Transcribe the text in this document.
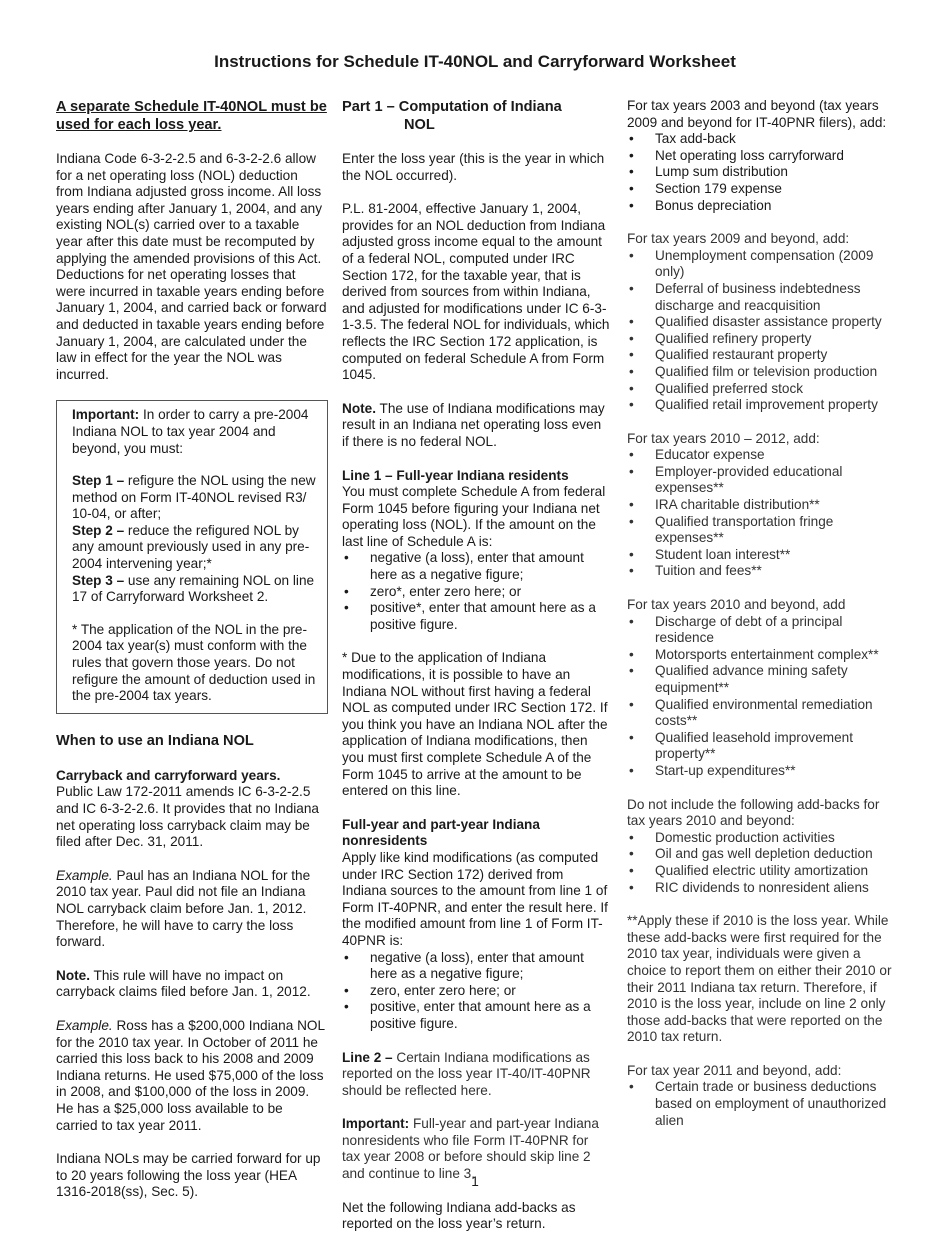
Instructions for Schedule IT-40NOL and Carryforward Worksheet
A separate Schedule IT-40NOL must be used for each loss year.

Indiana Code 6-3-2-2.5 and 6-3-2-2.6 allow for a net operating loss (NOL) deduction from Indiana adjusted gross income. All loss years ending after January 1, 2004, and any existing NOL(s) carried over to a taxable year after this date must be recomputed by applying the amended provisions of this Act. Deductions for net operating losses that were incurred in taxable years ending before January 1, 2004, and carried back or forward and deducted in taxable years ending before January 1, 2004, are calculated under the law in effect for the year the NOL was incurred.

Important: In order to carry a pre-2004 Indiana NOL to tax year 2004 and beyond, you must:

Step 1 – refigure the NOL using the new method on Form IT-40NOL revised R3/ 10-04, or after;
Step 2 – reduce the refigured NOL by any amount previously used in any pre-2004 intervening year;*
Step 3 – use any remaining NOL on line 17 of Carryforward Worksheet 2.

* The application of the NOL in the pre-2004 tax year(s) must conform with the rules that govern those years. Do not refigure the amount of deduction used in the pre-2004 tax years.

When to use an Indiana NOL

Carryback and carryforward years.
Public Law 172-2011 amends IC 6-3-2-2.5 and IC 6-3-2-2.6. It provides that no Indiana net operating loss carryback claim may be filed after Dec. 31, 2011.

Example. Paul has an Indiana NOL for the 2010 tax year. Paul did not file an Indiana NOL carryback claim before Jan. 1, 2012. Therefore, he will have to carry the loss forward.

Note. This rule will have no impact on carryback claims filed before Jan. 1, 2012.

Example. Ross has a $200,000 Indiana NOL for the 2010 tax year. In October of 2011 he carried this loss back to his 2008 and 2009 Indiana returns. He used $75,000 of the loss in 2008, and $100,000 of the loss in 2009. He has a $25,000 loss available to be carried to tax year 2011.

Indiana NOLs may be carried forward for up to 20 years following the loss year (HEA 1316-2018(ss), Sec. 5).

Part 1 – Computation of Indiana
NOL

Enter the loss year (this is the year in which the NOL occurred).

P.L. 81-2004, effective January 1, 2004, provides for an NOL deduction from Indiana adjusted gross income equal to the amount of a federal NOL, computed under IRC Section 172, for the taxable year, that is derived from sources from within Indiana, and adjusted for modifications under IC 6-3-1-3.5. The federal NOL for individuals, which reflects the IRC Section 172 application, is computed on federal Schedule A from Form 1045.

Note. The use of Indiana modifications may result in an Indiana net operating loss even if there is no federal NOL.

Line 1 – Full-year Indiana residents
You must complete Schedule A from federal Form 1045 before figuring your Indiana net operating loss (NOL). If the amount on the last line of Schedule A is:
• negative (a loss), enter that amount here as a negative figure;
• zero*, enter zero here; or
• positive*, enter that amount here as a positive figure.

* Due to the application of Indiana modifications, it is possible to have an Indiana NOL without first having a federal NOL as computed under IRC Section 172. If you think you have an Indiana NOL after the application of Indiana modifications, then you must first complete Schedule A of the Form 1045 to arrive at the amount to be entered on this line.

Full-year and part-year Indiana nonresidents
Apply like kind modifications (as computed under IRC Section 172) derived from Indiana sources to the amount from line 1 of Form IT-40PNR, and enter the result here. If the modified amount from line 1 of Form IT-40PNR is:
• negative (a loss), enter that amount here as a negative figure;
• zero, enter zero here; or
• positive, enter that amount here as a positive figure.

Line 2 – Certain Indiana modifications as reported on the loss year IT-40/IT-40PNR should be reflected here.

Important: Full-year and part-year Indiana nonresidents who file Form IT-40PNR for tax year 2008 or before should skip line 2 and continue to line 3.

Net the following Indiana add-backs as reported on the loss year’s return.

For tax years 2003 and beyond (tax years 2009 and beyond for IT-40PNR filers), add:
• Tax add-back
• Net operating loss carryforward
• Lump sum distribution
• Section 179 expense
• Bonus depreciation
For tax years 2009 and beyond, add:
• Unemployment compensation (2009 only)
• Deferral of business indebtedness discharge and reacquisition
• Qualified disaster assistance property
• Qualified refinery property
• Qualified restaurant property
• Qualified film or television production
• Qualified preferred stock
• Qualified retail improvement property
For tax years 2010 – 2012, add:
• Educator expense
• Employer-provided educational expenses**
• IRA charitable distribution**
• Qualified transportation fringe expenses**
• Student loan interest**
• Tuition and fees**
For tax years 2010 and beyond, add
• Discharge of debt of a principal residence
• Motorsports entertainment complex**
• Qualified advance mining safety equipment**
• Qualified environmental remediation costs**
• Qualified leasehold improvement property**
• Start-up expenditures**
Do not include the following add-backs for tax years 2010 and beyond:
• Domestic production activities
• Oil and gas well depletion deduction
• Qualified electric utility amortization
• RIC dividends to nonresident aliens

**Apply these if 2010 is the loss year. While these add-backs were first required for the 2010 tax year, individuals were given a choice to report them on either their 2010 or their 2011 Indiana tax return. Therefore, if 2010 is the loss year, include on line 2 only those add-backs that were reported on the 2010 tax return.

For tax year 2011 and beyond, add:
• Certain trade or business deductions based on employment of unauthorized alien
1
